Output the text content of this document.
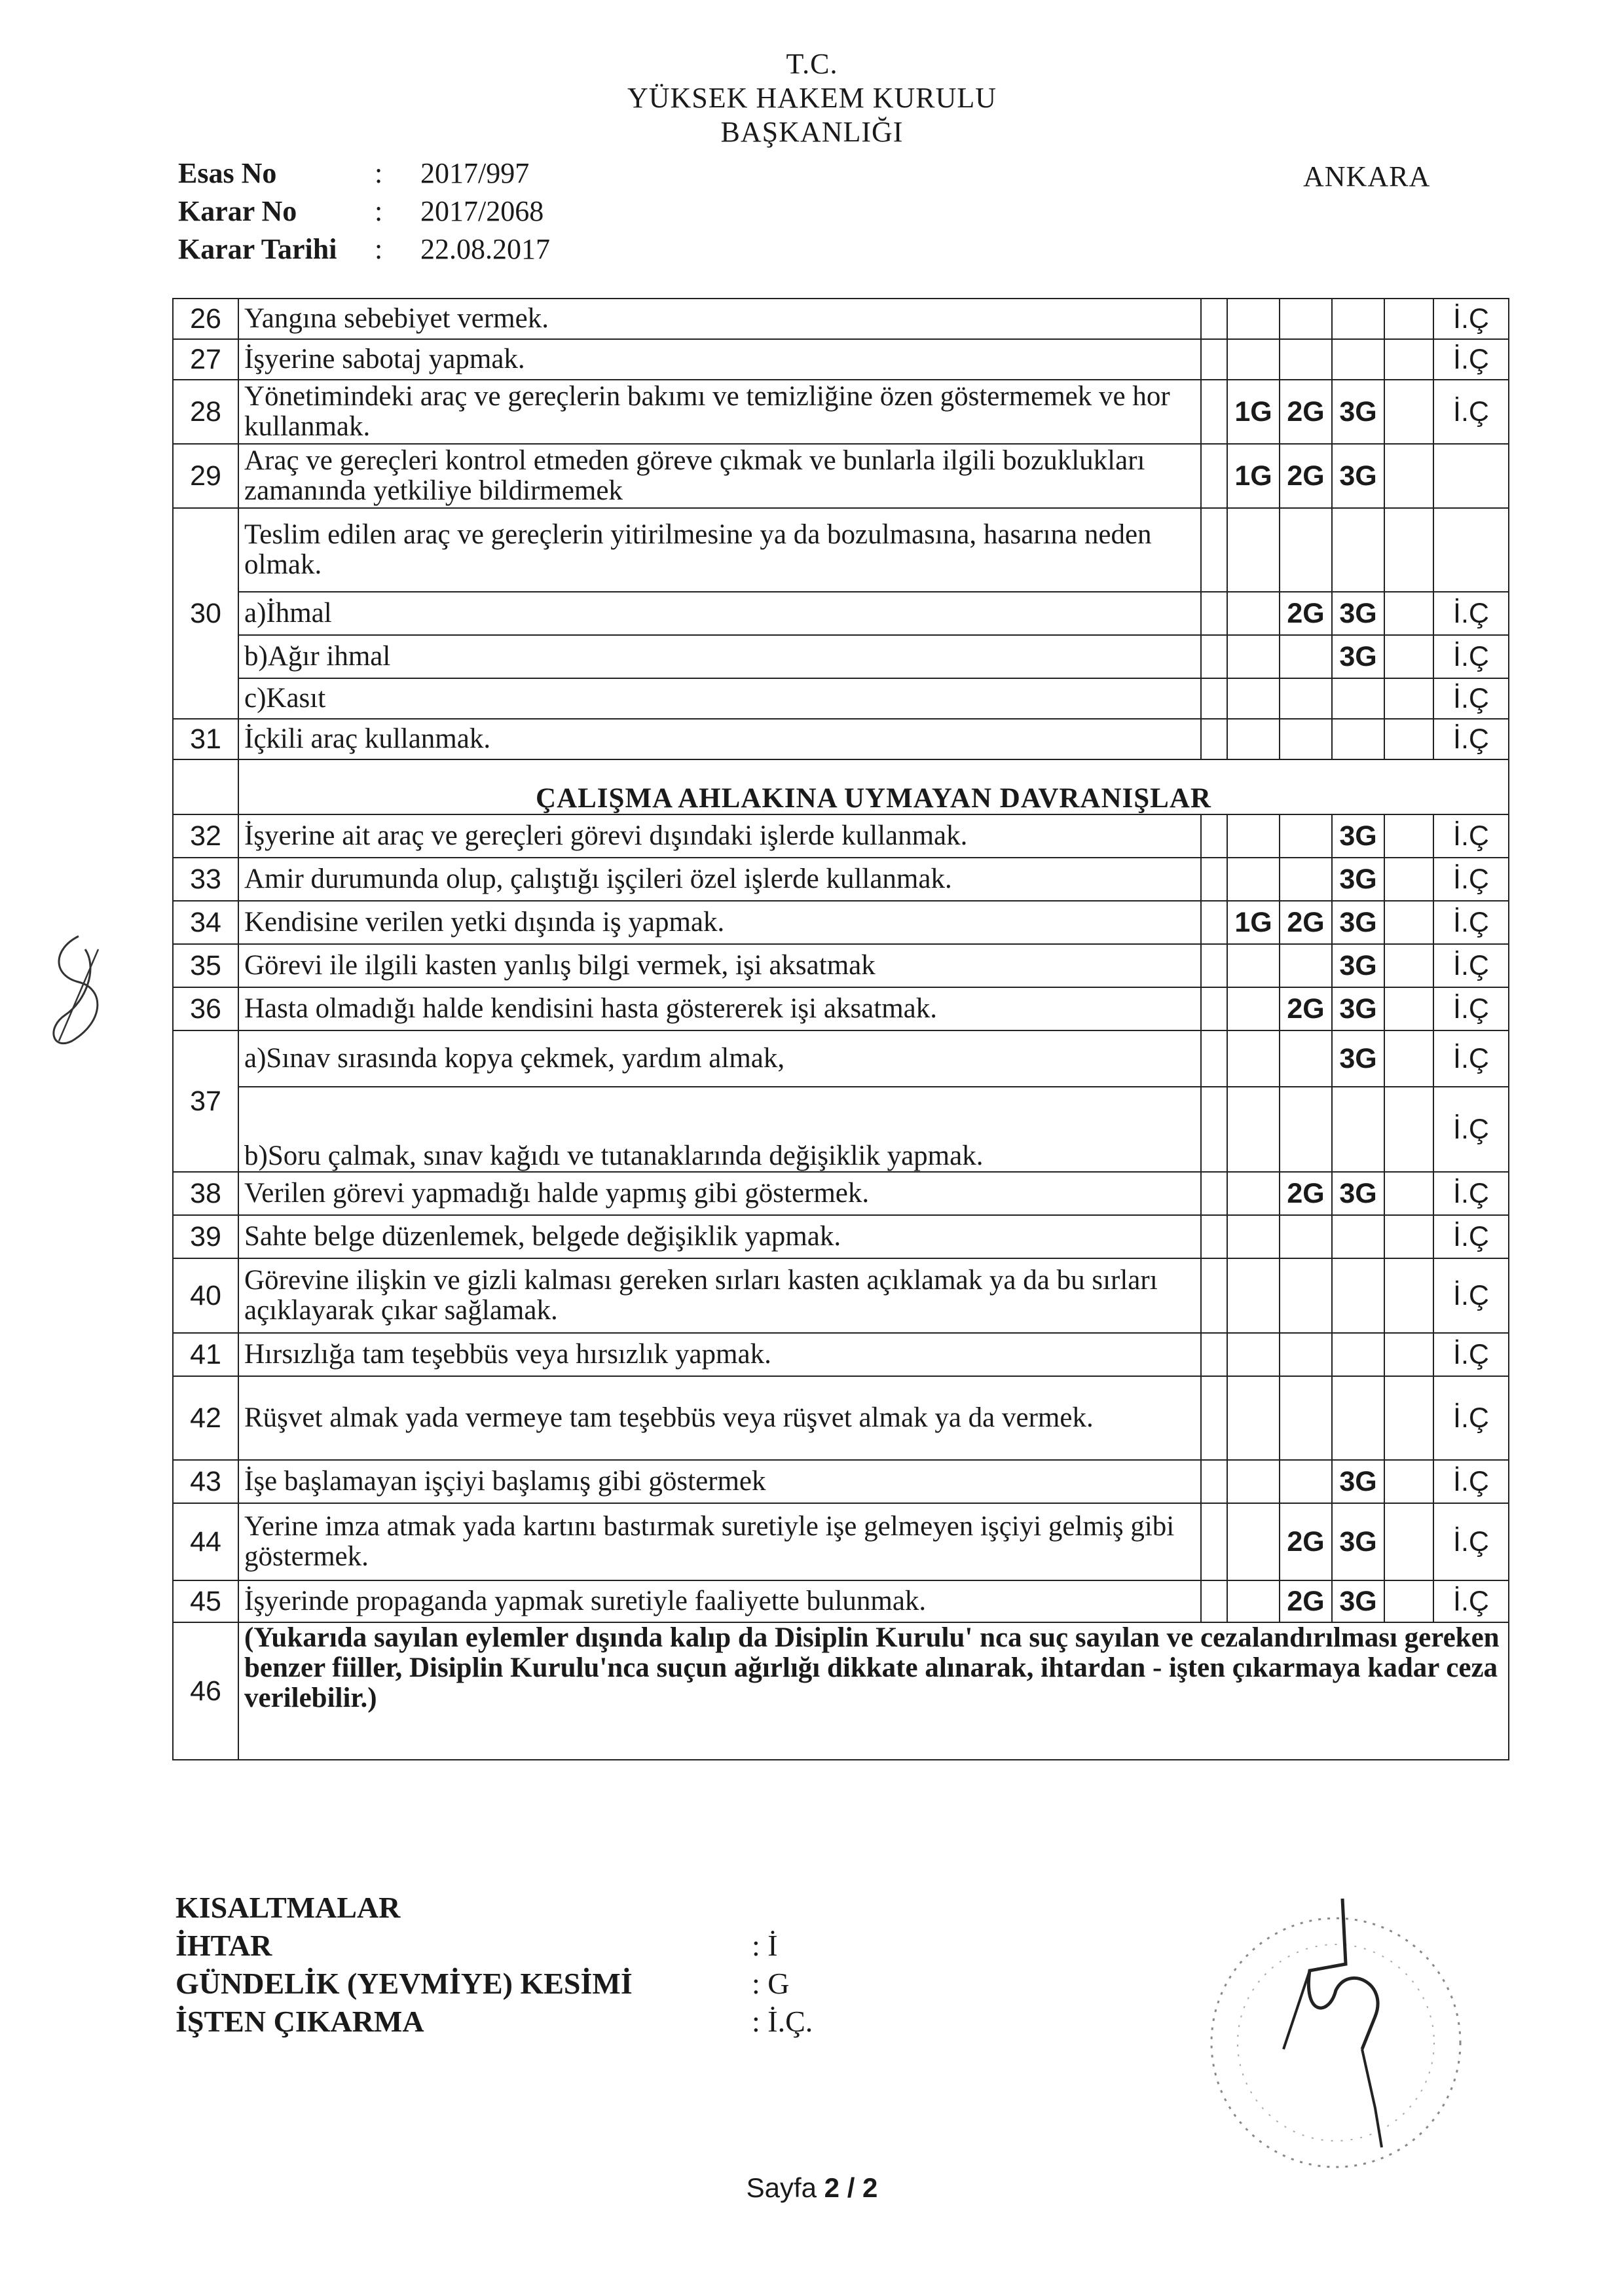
T.C.
YÜKSEK HAKEM KURULU
BAŞKANLIĞI
Esas No	:	2017/997
Karar No	:	2017/2068
Karar Tarihi	:	22.08.2017
ANKARA
26	Yangına sebebiyet vermek.						İ.Ç
27	İşyerine sabotaj yapmak.						İ.Ç
28	Yönetimindeki araç ve gereçlerin bakımı ve temizliğine özen göstermemek ve hor kullanmak.		1G	2G	3G		İ.Ç
29	Araç ve gereçleri kontrol etmeden göreve çıkmak ve bunlarla ilgili bozuklukları zamanında yetkiliye bildirmemek		1G	2G	3G		
30	Teslim edilen araç ve gereçlerin yitirilmesine ya da bozulmasına, hasarına neden olmak.						
	a)İhmal			2G	3G		İ.Ç
	b)Ağır ihmal				3G		İ.Ç
	c)Kasıt						İ.Ç
31	İçkili araç kullanmak.						İ.Ç
	ÇALIŞMA AHLAKINA UYMAYAN DAVRANIŞLAR						
32	İşyerine ait araç ve gereçleri görevi dışındaki işlerde kullanmak.				3G		İ.Ç
33	Amir durumunda olup, çalıştığı işçileri özel işlerde kullanmak.				3G		İ.Ç
34	Kendisine verilen yetki dışında iş yapmak.		1G	2G	3G		İ.Ç
35	Görevi ile ilgili kasten yanlış bilgi vermek, işi aksatmak				3G		İ.Ç
36	Hasta olmadığı halde kendisini hasta göstererek işi aksatmak.			2G	3G		İ.Ç
37	a)Sınav sırasında kopya çekmek, yardım almak,				3G		İ.Ç
	b)Soru çalmak, sınav kağıdı ve tutanaklarında değişiklik yapmak.						İ.Ç
38	Verilen görevi yapmadığı halde yapmış gibi göstermek.			2G	3G		İ.Ç
39	Sahte belge düzenlemek, belgede değişiklik yapmak.						İ.Ç
40	Görevine ilişkin ve gizli kalması gereken sırları kasten açıklamak ya da bu sırları açıklayarak çıkar sağlamak.						İ.Ç
41	Hırsızlığa tam teşebbüs veya hırsızlık yapmak.						İ.Ç
42	Rüşvet almak yada vermeye tam teşebbüs veya rüşvet almak ya da vermek.						İ.Ç
43	İşe başlamayan işçiyi başlamış gibi göstermek				3G		İ.Ç
44	Yerine imza atmak yada kartını bastırmak suretiyle işe gelmeyen işçiyi gelmiş gibi göstermek.			2G	3G		İ.Ç
45	İşyerinde propaganda yapmak suretiyle faaliyette bulunmak.			2G	3G		İ.Ç
46	(Yukarıda sayılan eylemler dışında kalıp da Disiplin Kurulu' nca suç sayılan ve cezalandırılması gereken benzer fiiller, Disiplin Kurulu'nca suçun ağırlığı dikkate alınarak, ihtardan - işten çıkarmaya kadar ceza verilebilir.)						
KISALTMALAR
İHTAR	: İ
GÜNDELİK (YEVMİYE) KESİMİ	: G
İŞTEN ÇIKARMA	: İ.Ç.
Sayfa 2 / 2
